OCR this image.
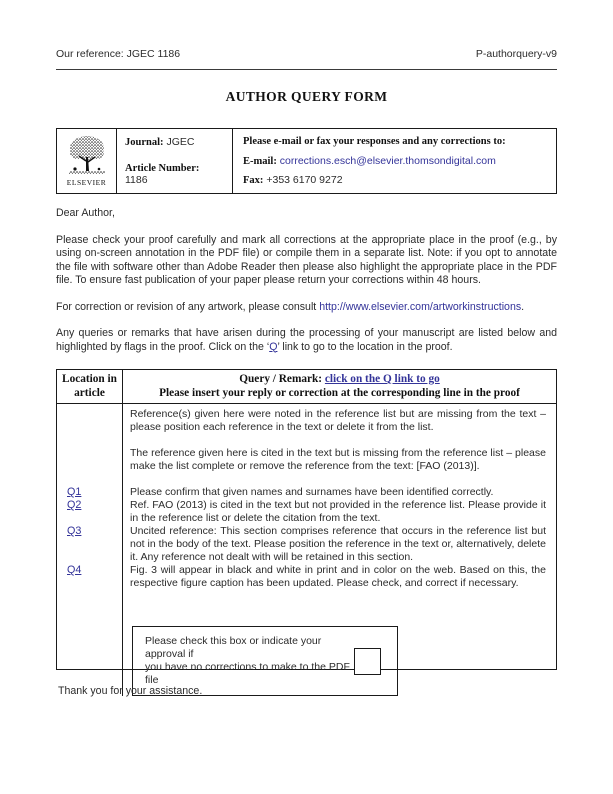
Our reference: JGEC 1186	P-authorquery-v9
AUTHOR QUERY FORM
ELSEVIER
Journal: JGEC
Article Number: 1186
Please e-mail or fax your responses and any corrections to:
E-mail: corrections.esch@elsevier.thomsondigital.com
Fax: +353 6170 9272
Dear Author,
Please check your proof carefully and mark all corrections at the appropriate place in the proof (e.g., by using on-screen annotation in the PDF file) or compile them in a separate list. Note: if you opt to annotate the file with software other than Adobe Reader then please also highlight the appropriate place in the PDF file. To ensure fast publication of your paper please return your corrections within 48 hours.
For correction or revision of any artwork, please consult http://www.elsevier.com/artworkinstructions.
Any queries or remarks that have arisen during the processing of your manuscript are listed below and highlighted by flags in the proof. Click on the ‘Q’ link to go to the location in the proof.
Location in
article
Query / Remark: click on the Q link to go
Please insert your reply or correction at the corresponding line in the proof
Reference(s) given here were noted in the reference list but are missing from the text – please position each reference in the text or delete it from the list.
The reference given here is cited in the text but is missing from the reference list – please make the list complete or remove the reference from the text: [FAO (2013)].
Q1	Please confirm that given names and surnames have been identified correctly.
Q2	Ref. FAO (2013) is cited in the text but not provided in the reference list. Please provide it in the reference list or delete the citation from the text.
Q3	Uncited reference: This section comprises reference that occurs in the reference list but not in the body of the text. Please position the reference in the text or, alternatively, delete it. Any reference not dealt with will be retained in this section.
Q4	Fig. 3 will appear in black and white in print and in color on the web. Based on this, the respective figure caption has been updated. Please check, and correct if necessary.
Please check this box or indicate your approval if
you have no corrections to make to the PDF file
Thank you for your assistance.
